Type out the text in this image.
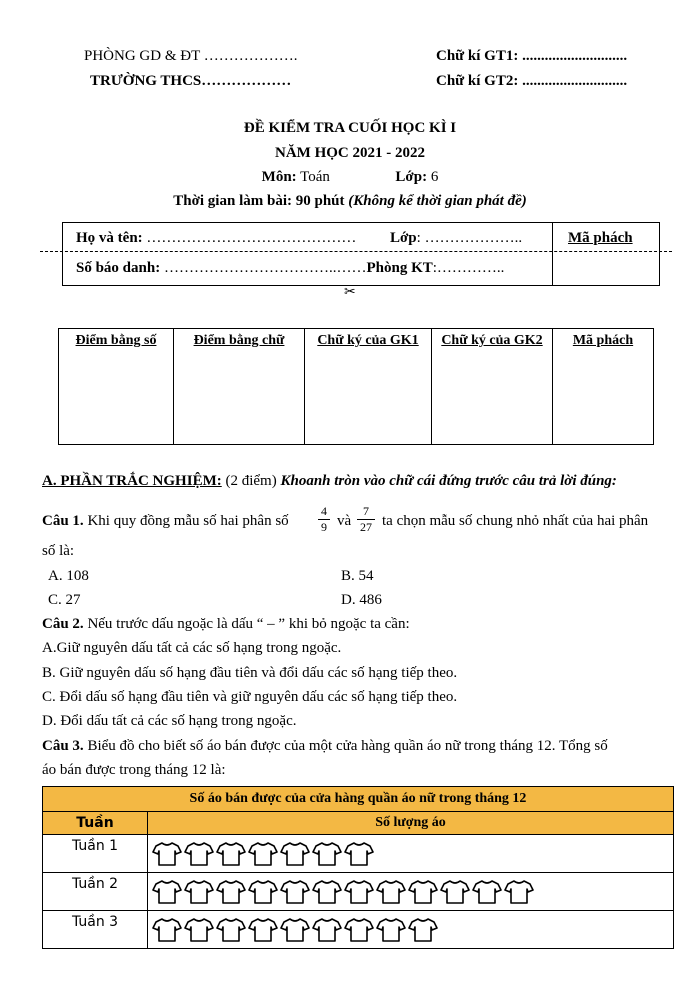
PHÒNG GD & ĐT ……………….
TRƯỜNG THCS………………
Chữ kí GT1: ............................
Chữ kí GT2: ............................
ĐỀ KIỂM TRA CUỐI HỌC KÌ I
NĂM HỌC 2021 - 2022
Môn: Toán	Lớp: 6
Thời gian làm bài: 90 phút (Không kể thời gian phát đề)
Họ và tên: …………………………………… Lớp: ………………..	Mã phách
Số báo danh: ……………………………..……Phòng KT:…………..
✂
Điểm bằng số	Điểm bằng chữ	Chữ ký của GK1	Chữ ký của GK2	Mã phách
A. PHẦN TRẮC NGHIỆM: (2 điểm) Khoanh tròn vào chữ cái đứng trước câu trả lời đúng:
Câu 1. Khi quy đồng mẫu số hai phân số
4
9 và
7
27 ta chọn mẫu số chung nhỏ nhất của hai phân
số là:
A. 108	B. 54
C. 27	D. 486
Câu 2. Nếu trước dấu ngoặc là dấu “ – ” khi bỏ ngoặc ta cần:
A.Giữ nguyên dấu tất cả các số hạng trong ngoặc.
B. Giữ nguyên dấu số hạng đầu tiên và đổi dấu các số hạng tiếp theo.
C. Đổi dấu số hạng đầu tiên và giữ nguyên dấu các số hạng tiếp theo.
D. Đổi dấu tất cả các số hạng trong ngoặc.
Câu 3. Biểu đồ cho biết số áo bán được của một cửa hàng quần áo nữ trong tháng 12. Tổng số
áo bán được trong tháng 12 là:
Số áo bán được của cửa hàng quần áo nữ trong tháng 12	
Tuần	Số lượng áo
Tuần 1	

Tuần 2	

Tuần 3	
